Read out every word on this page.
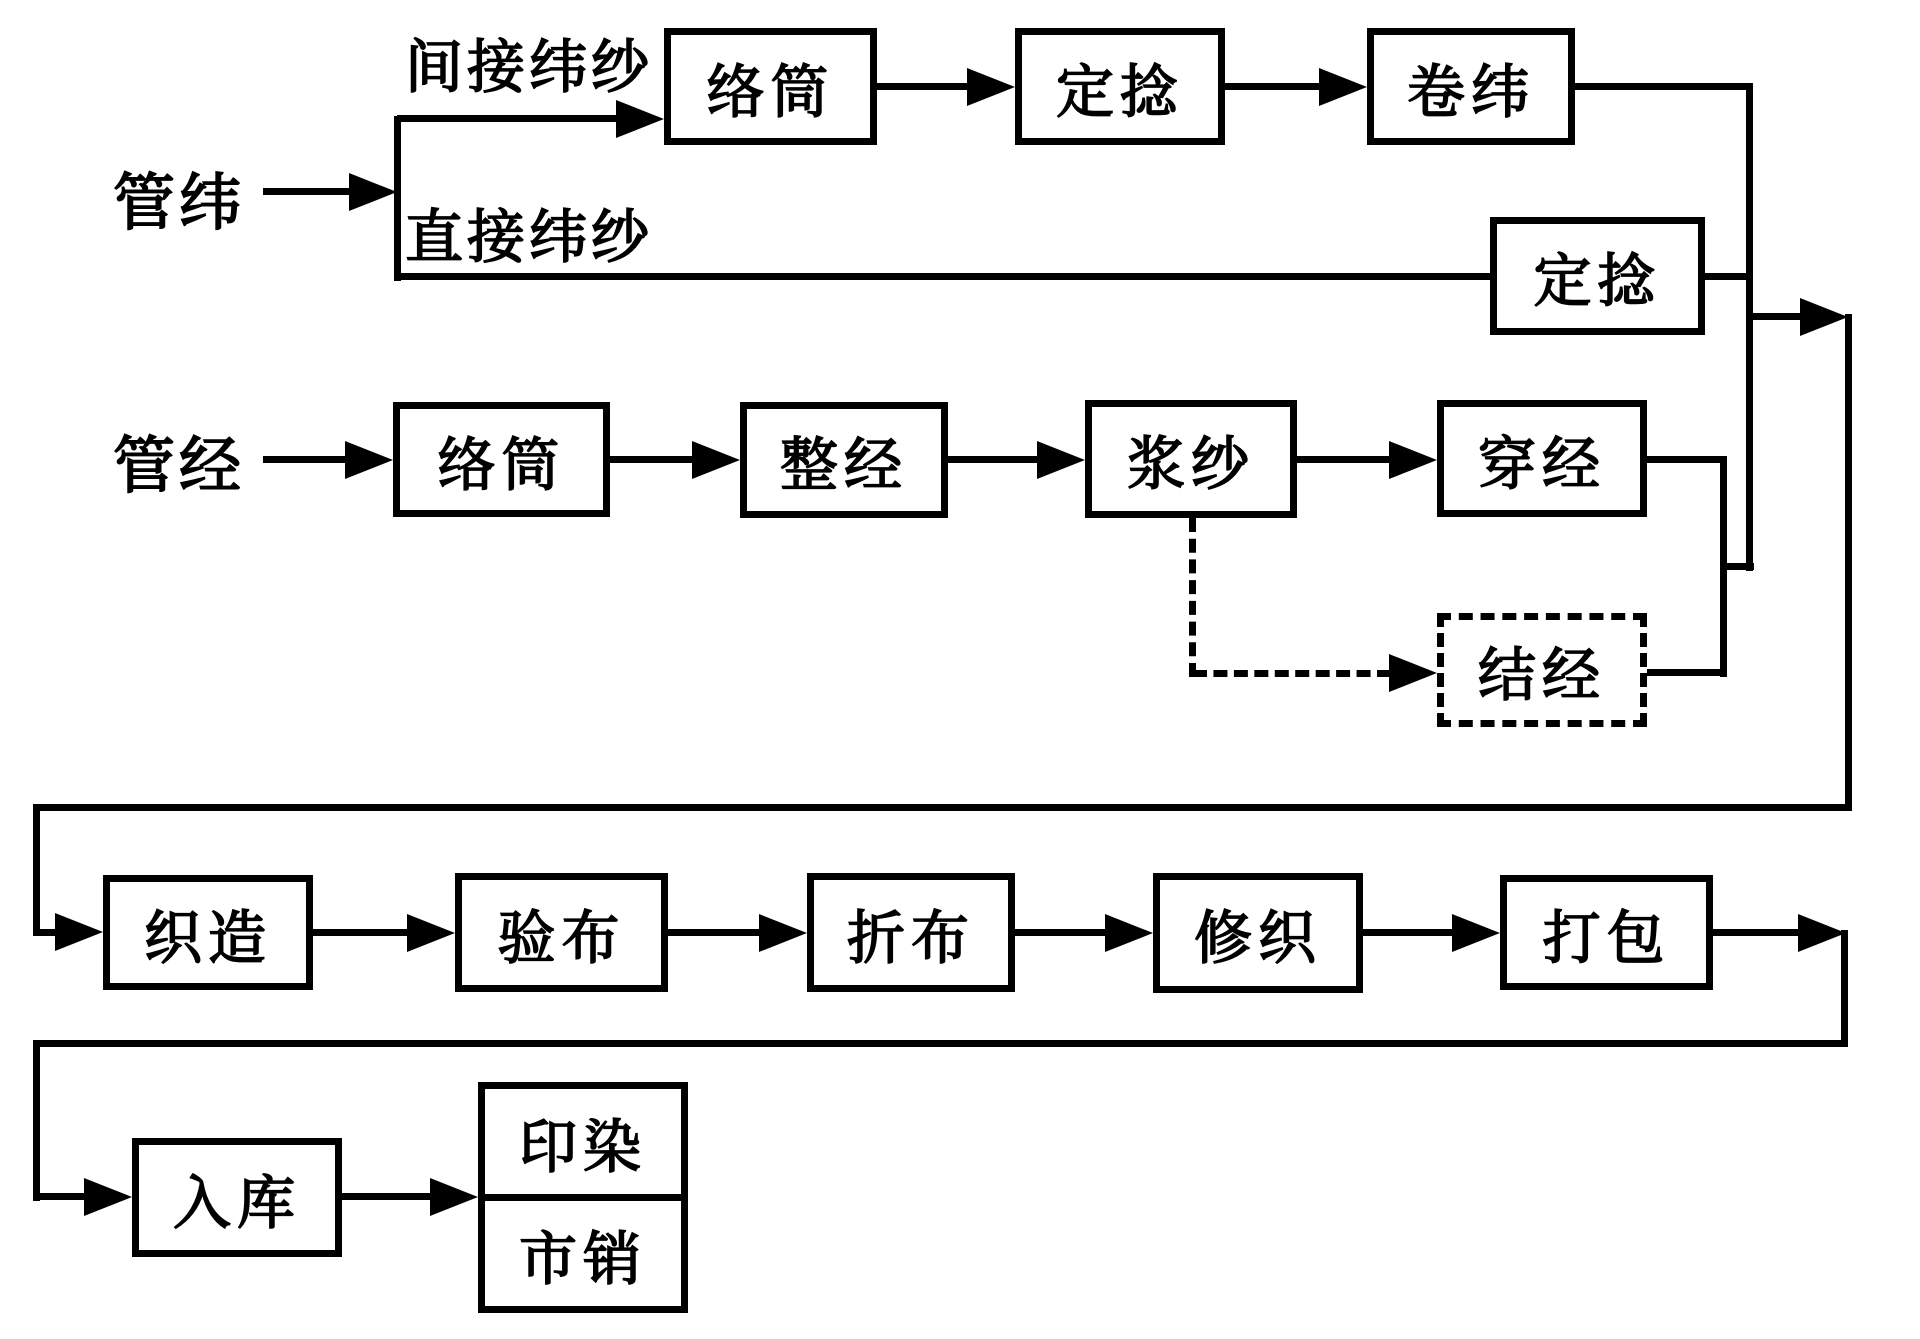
管纬
管经
间接纬纱
直接纬纱
络筒	定捻	卷纬
定捻
络筒	整经	浆纱	穿经
结经
织造	验布	折布	修织	打包
入库
印染
市销
